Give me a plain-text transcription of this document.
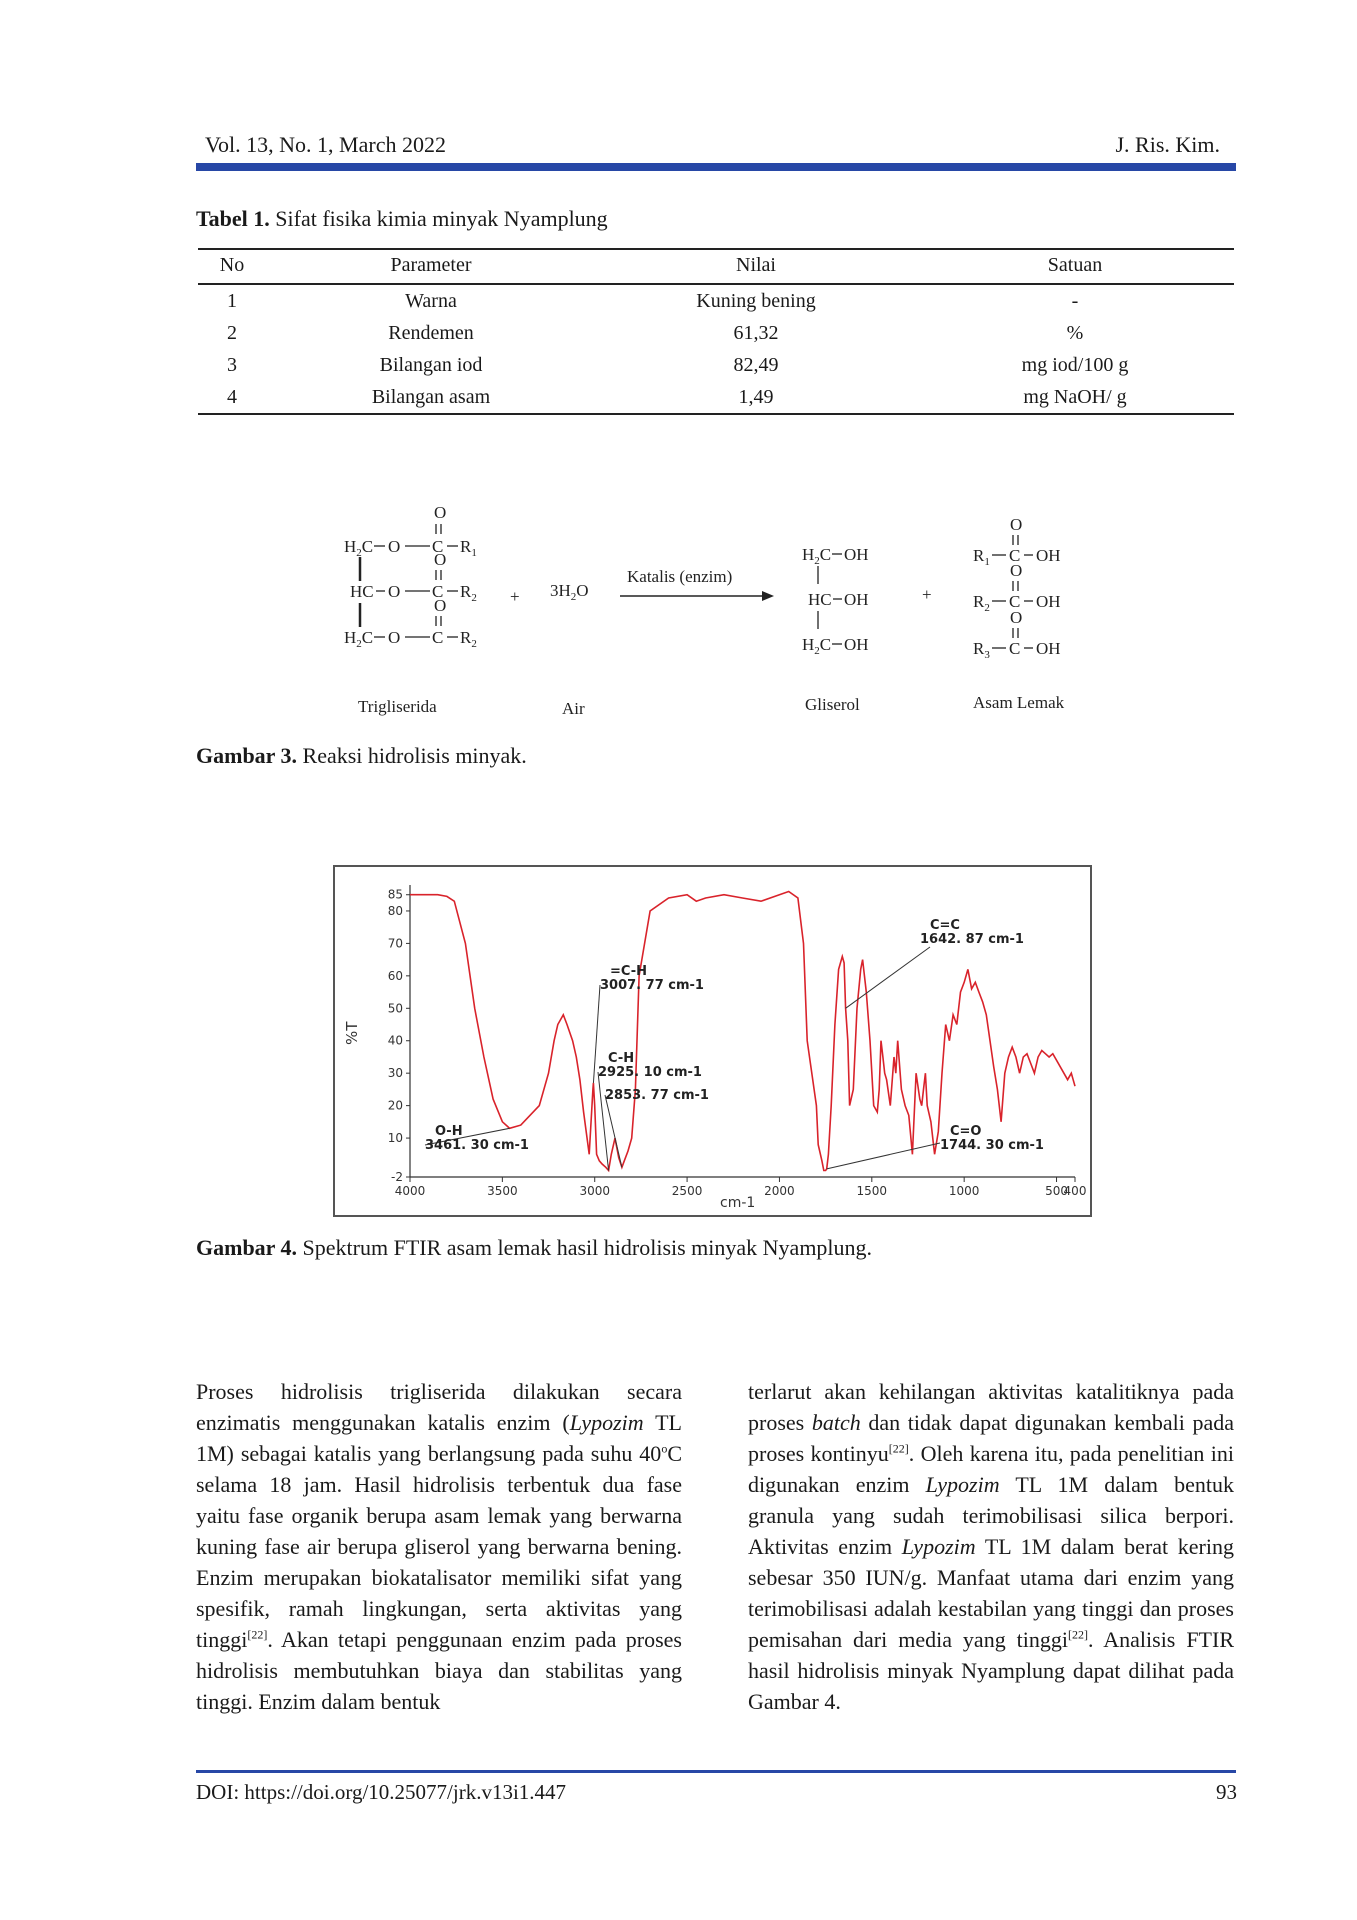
Vol. 13, No. 1, March 2022	J. Ris. Kim.
Tabel 1. Sifat fisika kimia minyak Nyamplung
No	Parameter	Nilai	Satuan
1	Warna	Kuning bening	-
2	Rendemen	61,32	%
3	Bilangan iod	82,49	mg iod/100 g
4	Bilangan asam	1,49	mg NaOH/ g
O
$H_2C$ O C $R_1$
O
HC O C $R_2$
O
$H_2C$ O C $R_2$
+ $3H_2O$
Katalis (enzim)
$H_2C$ OH
HC OH
$H_2C$ OH
+
O
$R_1$ C OH
O
$R_2$ C OH
O
$R_3$ C OH
Trigliserida	Air	Gliserol	Asam Lemak
Gambar 3. Reaksi hidrolisis minyak.
4000	3500	3000	2500	2000	1500	1000	500
400
85
80
70
60
50
40
30
20
10
-2
O-H
3461. 30 cm-1
=C-H
3007. 77 cm-1
C-H
2925. 10 cm-1
2853. 77 cm-1
C=C
1642. 87 cm-1
C=O
1744. 30 cm-1
%T
cm-1
Gambar 4. Spektrum FTIR asam lemak hasil hidrolisis minyak Nyamplung.

Proses hidrolisis trigliserida dilakukan secara enzimatis menggunakan katalis enzim (Lypozim TL 1M) sebagai katalis yang berlangsung pada suhu 40$^o$C selama 18 jam. Hasil hidrolisis terbentuk dua fase yaitu fase organik berupa asam lemak yang berwarna kuning fase air berupa gliserol yang berwarna bening. Enzim merupakan biokatalisator memiliki sifat yang spesifik, ramah lingkungan, serta aktivitas yang tinggi[22]. Akan tetapi penggunaan enzim pada proses hidrolisis membutuhkan biaya dan stabilitas yang tinggi. Enzim dalam bentuk

terlarut akan kehilangan aktivitas katalitiknya pada proses batch dan tidak dapat digunakan kembali pada proses kontinyu[22]. Oleh karena itu, pada penelitian ini digunakan enzim Lypozim TL 1M dalam bentuk granula yang sudah terimobilisasi silica berpori. Aktivitas enzim Lypozim TL 1M dalam berat kering sebesar 350 IUN/g. Manfaat utama dari enzim yang terimobilisasi adalah kestabilan yang tinggi dan proses pemisahan dari media yang tinggi[22]. Analisis FTIR hasil hidrolisis minyak Nyamplung dapat dilihat pada Gambar 4.

DOI: https://doi.org/10.25077/jrk.v13i1.447	93
